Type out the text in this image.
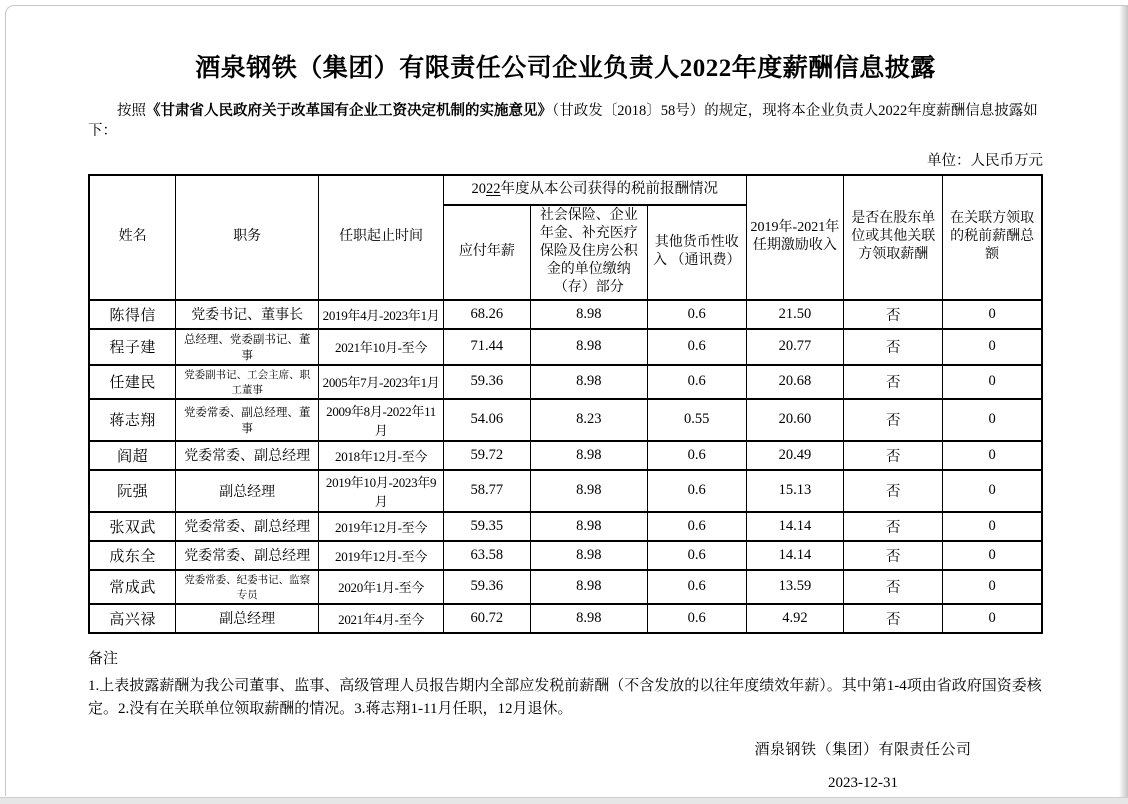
酒泉钢铁（集团）有限责任公司企业负责人2022年度薪酬信息披露

按照《甘肃省人民政府关于改革国有企业工资决定机制的实施意见》（甘政发〔2018〕58号）的规定，现将本企业负责人2022年度薪酬信息披露如下：

单位：人民币万元
姓名	职务	任职起止时间	2022年度从本公司获得的税前报酬情况			2019年-2021年任期激励收入	是否在股东单位或其他关联方领取薪酬	在关联方领取的税前薪酬总额
			应付年薪	社会保险、企业年金、补充医疗保险及住房公积金的单位缴纳（存）部分	其他货币性收入 （通讯费）			
陈得信	党委书记、董事长	2019年4月-2023年1月	68.26	8.98	0.6	21.50	否	0
程子建	总经理、党委副书记、董事	2021年10月-至今	71.44	8.98	0.6	20.77	否	0
任建民	党委副书记、工会主席、职工董事	2005年7月-2023年1月	59.36	8.98	0.6	20.68	否	0
蒋志翔	党委常委、副总经理、董事	2009年8月-2022年11月	54.06	8.23	0.55	20.60	否	0
阎超	党委常委、副总经理	2018年12月-至今	59.72	8.98	0.6	20.49	否	0
阮强	副总经理	2019年10月-2023年9月	58.77	8.98	0.6	15.13	否	0
张双武	党委常委、副总经理	2019年12月-至今	59.35	8.98	0.6	14.14	否	0
成东全	党委常委、副总经理	2019年12月-至今	63.58	8.98	0.6	14.14	否	0
常成武	党委常委、纪委书记、监察专员	2020年1月-至今	59.36	8.98	0.6	13.59	否	0
高兴禄	副总经理	2021年4月-至今	60.72	8.98	0.6	4.92	否	0
备注

1.上表披露薪酬为我公司董事、监事、高级管理人员报告期内全部应发税前薪酬（不含发放的以往年度绩效年薪）。其中第1-4项由省政府国资委核定。2.没有在关联单位领取薪酬的情况。3.蒋志翔1-11月任职，12月退休。

酒泉钢铁（集团）有限责任公司
2023-12-31
